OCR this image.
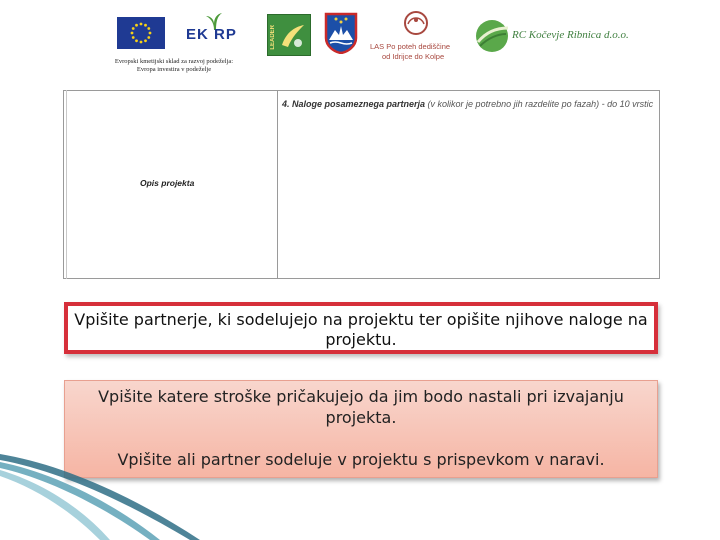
EK RP	LEADER	LAS Po poteh dediščine
od Idrijce do Kolpe
RC Kočevje Ribnica d.o.o.
Evropski kmetijski sklad za razvoj podeželja:
Evropa investira v podeželje
Opis projekta
4. Naloge posameznega partnerja (v kolikor je potrebno jih razdelite po fazah) - do 10 vrstic
Vpišite partnerje, ki sodelujejo na projektu ter opišite njihove naloge na projektu.
Vpišite katere stroške pričakujejo da jim bodo nastali pri izvajanju projekta.
Vpišite ali partner sodeluje v projektu s prispevkom v naravi.
